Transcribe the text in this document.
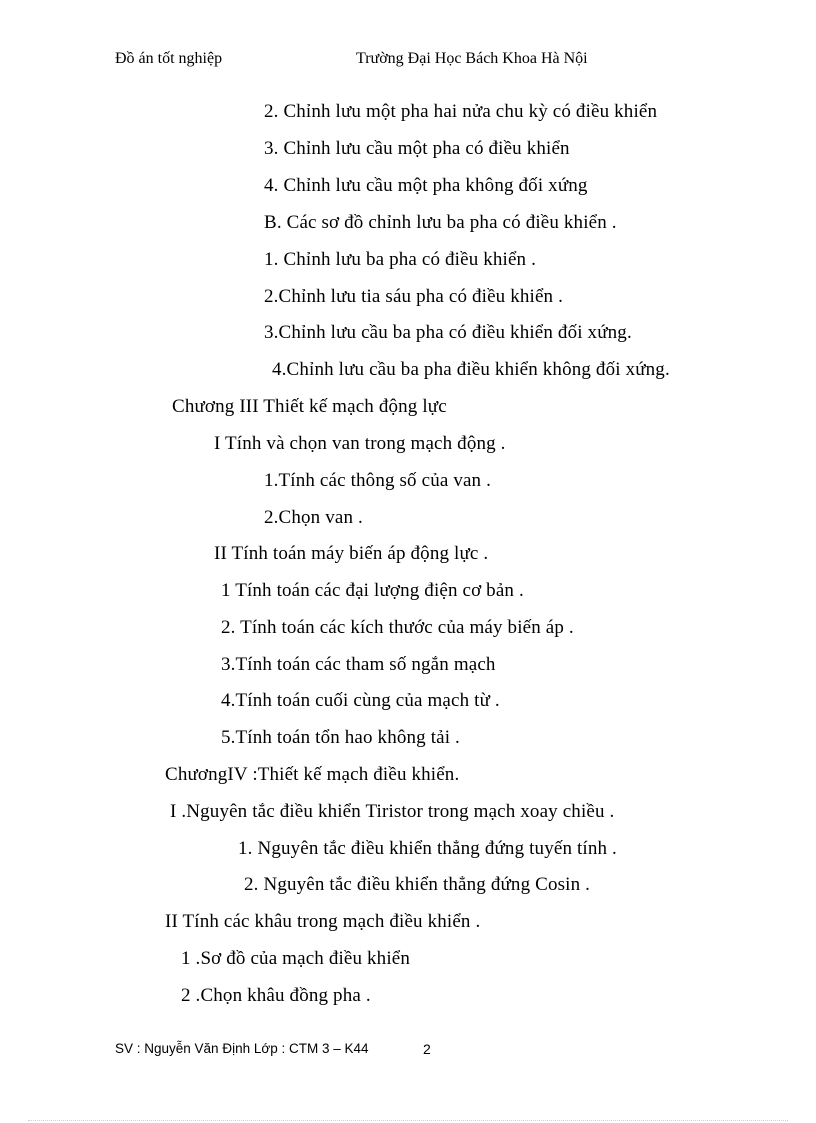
Đồ án tốt nghiệp	Trường Đại Học Bách Khoa Hà Nội
2. Chỉnh lưu một pha hai nửa chu kỳ có điều khiển
3. Chỉnh lưu cầu một pha có điều khiển
4. Chỉnh lưu cầu một pha không đối xứng
B. Các sơ đồ chỉnh lưu ba pha có điều khiển .
1. Chỉnh lưu ba pha có điều khiển .
2.Chỉnh lưu tia sáu pha có điều khiển .
3.Chỉnh lưu cầu ba pha có điều khiển đối xứng.
4.Chỉnh lưu cầu ba pha điều khiển không đối xứng.
Chương III Thiết kế mạch động lực
I Tính và chọn van trong mạch động .
1.Tính các thông số của van .
2.Chọn van .
II Tính toán máy biến áp động lực .
1 Tính toán các đại lượng điện cơ bản .
2. Tính toán các kích thước của máy biến áp .
3.Tính toán các tham số ngắn mạch
4.Tính toán cuối cùng của mạch từ .
5.Tính toán tổn hao không tải .
ChươngIV :Thiết kế mạch điều khiển.
I .Nguyên tắc điều khiển Tiristor trong mạch xoay chiều .
1. Nguyên tắc điều khiển thẳng đứng tuyến tính .
2. Nguyên tắc điều khiển thẳng đứng Cosin .
II Tính các khâu trong mạch điều khiển .
1 .Sơ đồ của mạch điều khiển
2 .Chọn khâu đồng pha .
SV : Nguyễn Văn Định Lớp : CTM 3 – K44	2
